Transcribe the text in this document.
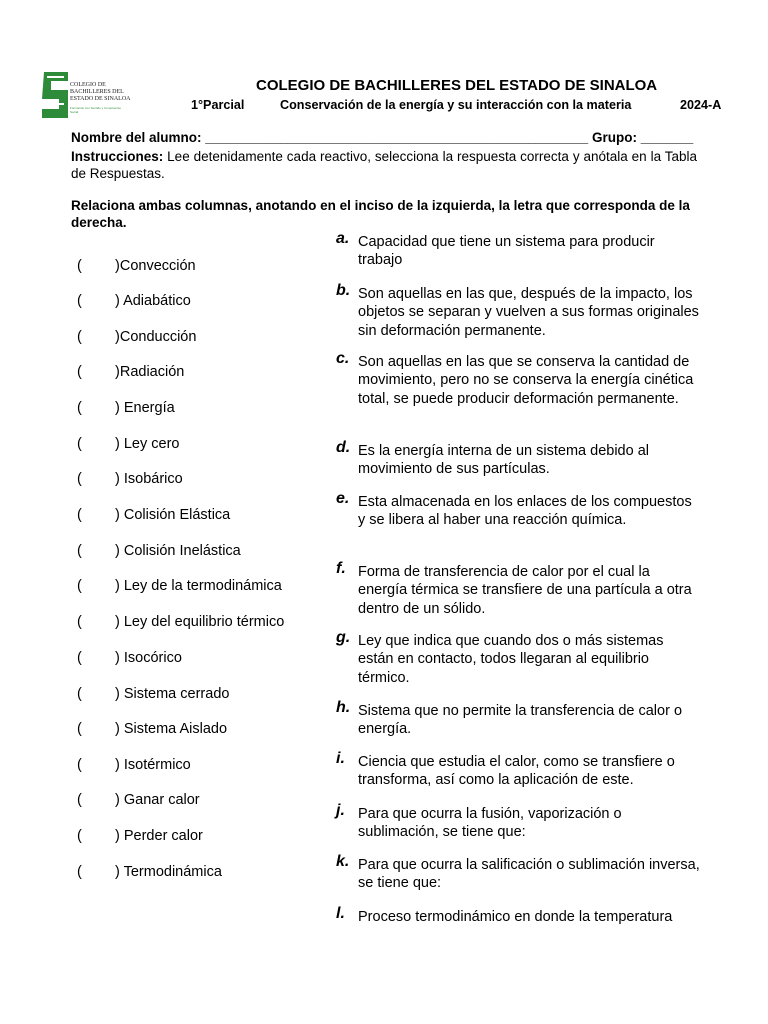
COLEGIO DE
BACHILLERES DEL
ESTADO DE SINALOA
Formación con Sentido y Compromiso Social
COLEGIO DE BACHILLERES DEL ESTADO DE SINALOA
1°Parcial	Conservación de la energía y su interacción con la materia	2024-A
Nombre del alumno: ___________________________________________________ Grupo: _______
Instrucciones: Lee detenidamente cada reactivo, selecciona la respuesta correcta y anótala en la Tabla de Respuestas.
Relaciona ambas columnas, anotando en el inciso de la izquierda, la letra que corresponda de la derecha.
( )Convección
( ) Adiabático
( )Conducción
( )Radiación
( ) Energía
( ) Ley cero
( ) Isobárico
( ) Colisión Elástica
( ) Colisión Inelástica
( ) Ley de la termodinámica
( ) Ley del equilibrio térmico
( ) Isocórico
( ) Sistema cerrado
( ) Sistema Aislado
( ) Isotérmico
( ) Ganar calor
( ) Perder calor
( ) Termodinámica
a. Capacidad que tiene un sistema para producir trabajo
b. Son aquellas en las que, después de la impacto, los objetos se separan y vuelven a sus formas originales sin deformación permanente.
c. Son aquellas en las que se conserva la cantidad de movimiento, pero no se conserva la energía cinética total, se puede producir deformación permanente.
d. Es la energía interna de un sistema debido al movimiento de sus partículas.
e. Esta almacenada en los enlaces de los compuestos y se libera al haber una reacción química.
f. Forma de transferencia de calor por el cual la energía térmica se transfiere de una partícula a otra dentro de un sólido.
g. Ley que indica que cuando dos o más sistemas están en contacto, todos llegaran al equilibrio térmico.
h. Sistema que no permite la transferencia de calor o energía.
i. Ciencia que estudia el calor, como se transfiere o transforma, así como la aplicación de este.
j. Para que ocurra la fusión, vaporización o sublimación, se tiene que:
k. Para que ocurra la salificación o sublimación inversa, se tiene que:
l. Proceso termodinámico en donde la temperatura
